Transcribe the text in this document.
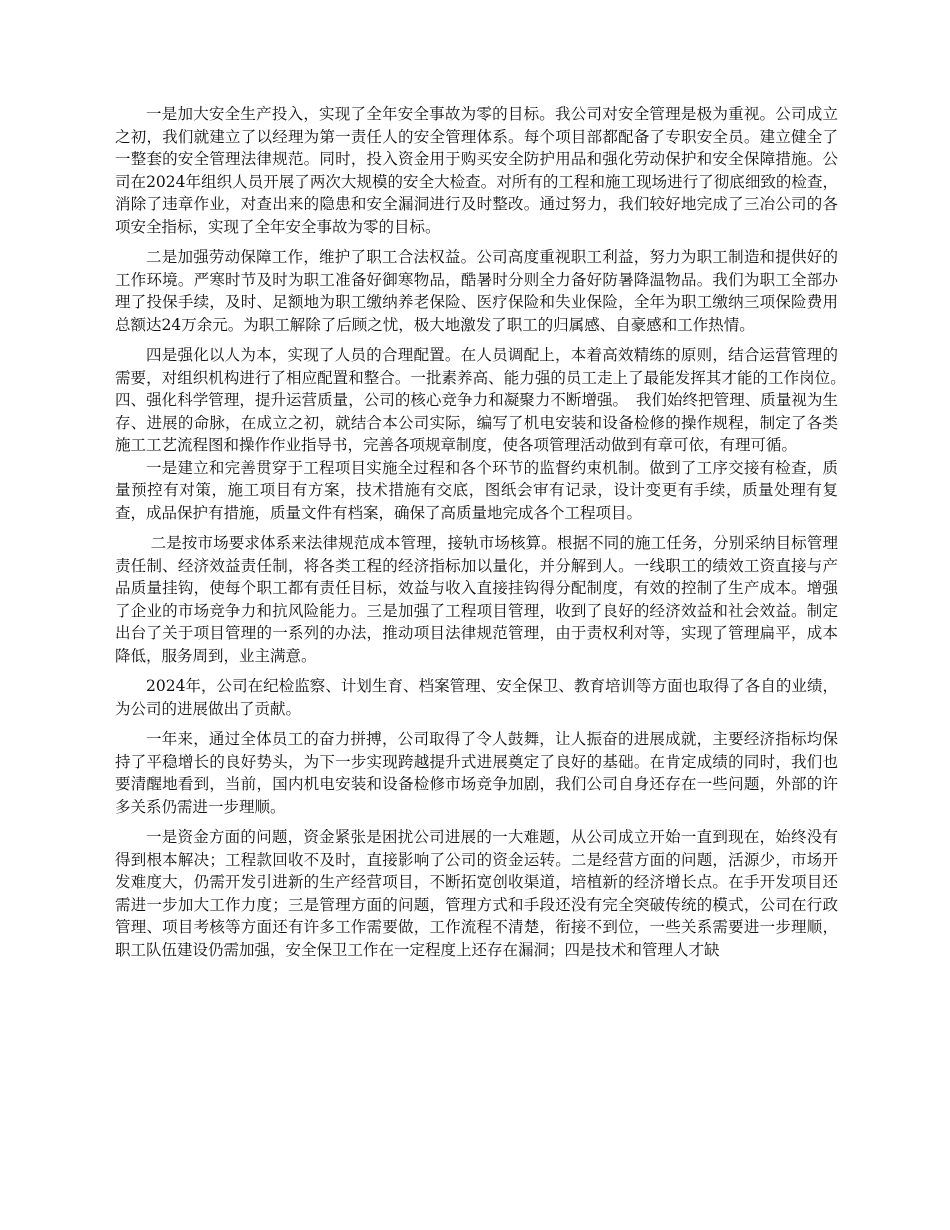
一是加大安全生产投入，实现了全年安全事故为零的目标。我公司对安全管理是极为重视。公司成立之初，我们就建立了以经理为第一责任人的安全管理体系。每个项目部都配备了专职安全员。建立健全了一整套的安全管理法律规范。同时，投入资金用于购买安全防护用品和强化劳动保护和安全保障措施。公司在2024年组织人员开展了两次大规模的安全大检查。对所有的工程和施工现场进行了彻底细致的检查，消除了违章作业，对查出来的隐患和安全漏洞进行及时整改。通过努力，我们较好地完成了三冶公司的各项安全指标，实现了全年安全事故为零的目标。

二是加强劳动保障工作，维护了职工合法权益。公司高度重视职工利益，努力为职工制造和提供好的工作环境。严寒时节及时为职工准备好御寒物品，酷暑时分则全力备好防暑降温物品。我们为职工全部办理了投保手续，及时、足额地为职工缴纳养老保险、医疗保险和失业保险，全年为职工缴纳三项保险费用总额达24万余元。为职工解除了后顾之忧，极大地激发了职工的归属感、自豪感和工作热情。

四是强化以人为本，实现了人员的合理配置。在人员调配上，本着高效精练的原则，结合运营管理的需要，对组织机构进行了相应配置和整合。一批素养高、能力强的员工走上了最能发挥其才能的工作岗位。　四、强化科学管理，提升运营质量，公司的核心竞争力和凝聚力不断增强。　我们始终把管理、质量视为生存、进展的命脉，在成立之初，就结合本公司实际，编写了机电安装和设备检修的操作规程，制定了各类施工工艺流程图和操作作业指导书，完善各项规章制度，使各项管理活动做到有章可依，有理可循。

一是建立和完善贯穿于工程项目实施全过程和各个环节的监督约束机制。做到了工序交接有检查，质量预控有对策，施工项目有方案，技术措施有交底，图纸会审有记录，设计变更有手续，质量处理有复查，成品保护有措施，质量文件有档案，确保了高质量地完成各个工程项目。

二是按市场要求体系来法律规范成本管理，接轨市场核算。根据不同的施工任务，分别采纳目标管理责任制、经济效益责任制，将各类工程的经济指标加以量化，并分解到人。一线职工的绩效工资直接与产品质量挂钩，使每个职工都有责任目标，效益与收入直接挂钩得分配制度，有效的控制了生产成本。增强了企业的市场竞争力和抗风险能力。三是加强了工程项目管理，收到了良好的经济效益和社会效益。制定出台了关于项目管理的一系列的办法，推动项目法律规范管理，由于责权利对等，实现了管理扁平，成本降低，服务周到，业主满意。

2024年，公司在纪检监察、计划生育、档案管理、安全保卫、教育培训等方面也取得了各自的业绩，为公司的进展做出了贡献。

一年来，通过全体员工的奋力拼搏，公司取得了令人鼓舞，让人振奋的进展成就，主要经济指标均保持了平稳增长的良好势头，为下一步实现跨越提升式进展奠定了良好的基础。在肯定成绩的同时，我们也要清醒地看到，当前，国内机电安装和设备检修市场竞争加剧，我们公司自身还存在一些问题，外部的许多关系仍需进一步理顺。

一是资金方面的问题，资金紧张是困扰公司进展的一大难题，从公司成立开始一直到现在，始终没有得到根本解决；工程款回收不及时，直接影响了公司的资金运转。二是经营方面的问题，活源少，市场开发难度大，仍需开发引进新的生产经营项目，不断拓宽创收渠道，培植新的经济增长点。在手开发项目还需进一步加大工作力度；三是管理方面的问题，管理方式和手段还没有完全突破传统的模式，公司在行政管理、项目考核等方面还有许多工作需要做，工作流程不清楚，衔接不到位，一些关系需要进一步理顺，职工队伍建设仍需加强，安全保卫工作在一定程度上还存在漏洞；四是技术和管理人才缺
